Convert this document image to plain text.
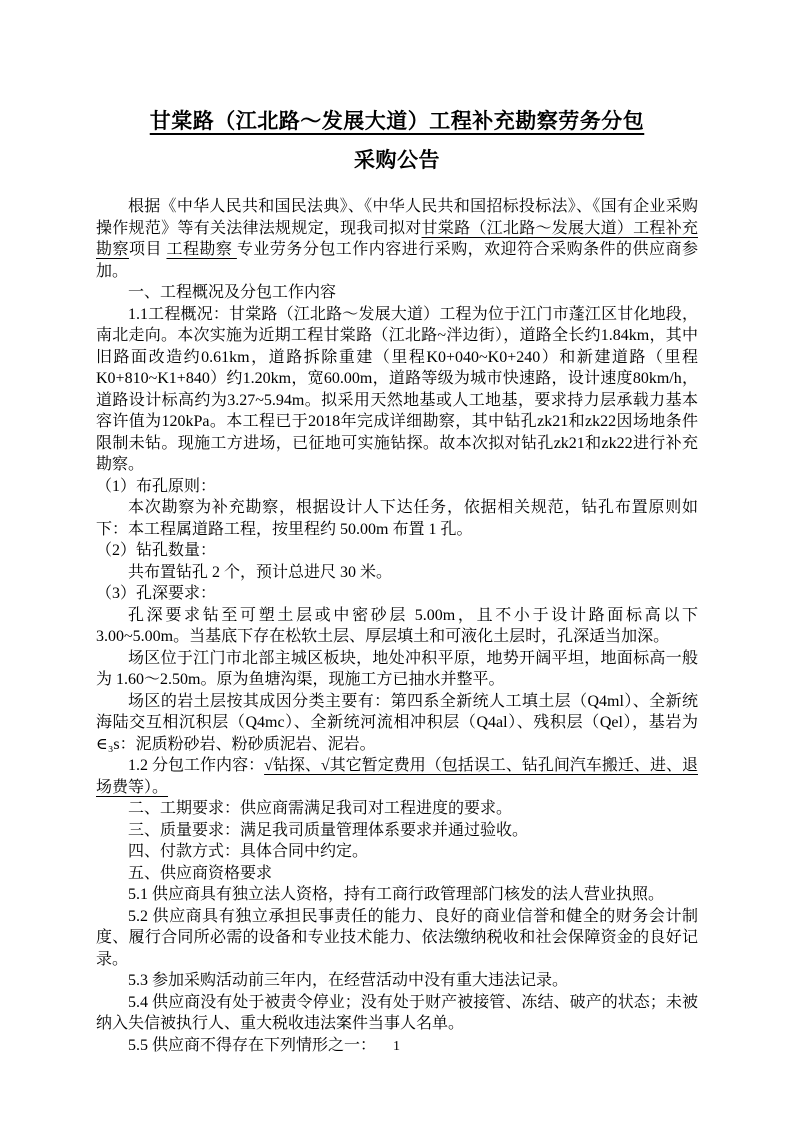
甘棠路（江北路～发展大道）工程补充勘察劳务分包
采购公告

根据《中华人民共和国民法典》、《中华人民共和国招标投标法》、《国有企业采购操作规范》等有关法律法规规定，现我司拟对甘棠路（江北路～发展大道）工程补充勘察项目 工程勘察 专业劳务分包工作内容进行采购，欢迎符合采购条件的供应商参加。

一、工程概况及分包工作内容

1.1工程概况：甘棠路（江北路～发展大道）工程为位于江门市蓬江区甘化地段，南北走向。本次实施为近期工程甘棠路（江北路~泮边街），道路全长约1.84km，其中旧路面改造约0.61km，道路拆除重建（里程K0+040~K0+240）和新建道路（里程K0+810~K1+840）约1.20km，宽60.00m，道路等级为城市快速路，设计速度80km/h，道路设计标高约为3.27~5.94m。拟采用天然地基或人工地基，要求持力层承载力基本容许值为120kPa。本工程已于2018年完成详细勘察，其中钻孔zk21和zk22因场地条件限制未钻。现施工方进场，已征地可实施钻探。故本次拟对钻孔zk21和zk22进行补充勘察。

（1）布孔原则：

本次勘察为补充勘察，根据设计人下达任务，依据相关规范，钻孔布置原则如下：本工程属道路工程，按里程约 50.00m 布置 1 孔。

（2）钻孔数量：

共布置钻孔 2 个，预计总进尺 30 米。

（3）孔深要求：

孔深要求钻至可塑土层或中密砂层 5.00m，且不小于设计路面标高以下3.00~5.00m。当基底下存在松软土层、厚层填土和可液化土层时，孔深适当加深。

场区位于江门市北部主城区板块，地处冲积平原，地势开阔平坦，地面标高一般为 1.60～2.50m。原为鱼塘沟渠，现施工方已抽水并整平。

场区的岩土层按其成因分类主要有：第四系全新统人工填土层（Q4ml）、全新统海陆交互相沉积层（Q4mc）、全新统河流相冲积层（Q4al）、残积层（Qel），基岩为∈₃s：泥质粉砂岩、粉砂质泥岩、泥岩。

1.2 分包工作内容：√钻探、√其它暂定费用（包括误工、钻孔间汽车搬迁、进、退场费等）。

二、工期要求：供应商需满足我司对工程进度的要求。

三、质量要求：满足我司质量管理体系要求并通过验收。

四、付款方式：具体合同中约定。

五、供应商资格要求

5.1 供应商具有独立法人资格，持有工商行政管理部门核发的法人营业执照。

5.2 供应商具有独立承担民事责任的能力、良好的商业信誉和健全的财务会计制度、履行合同所必需的设备和专业技术能力、依法缴纳税收和社会保障资金的良好记录。

5.3 参加采购活动前三年内，在经营活动中没有重大违法记录。

5.4 供应商没有处于被责令停业；没有处于财产被接管、冻结、破产的状态；未被纳入失信被执行人、重大税收违法案件当事人名单。

5.5 供应商不得存在下列情形之一：	1
